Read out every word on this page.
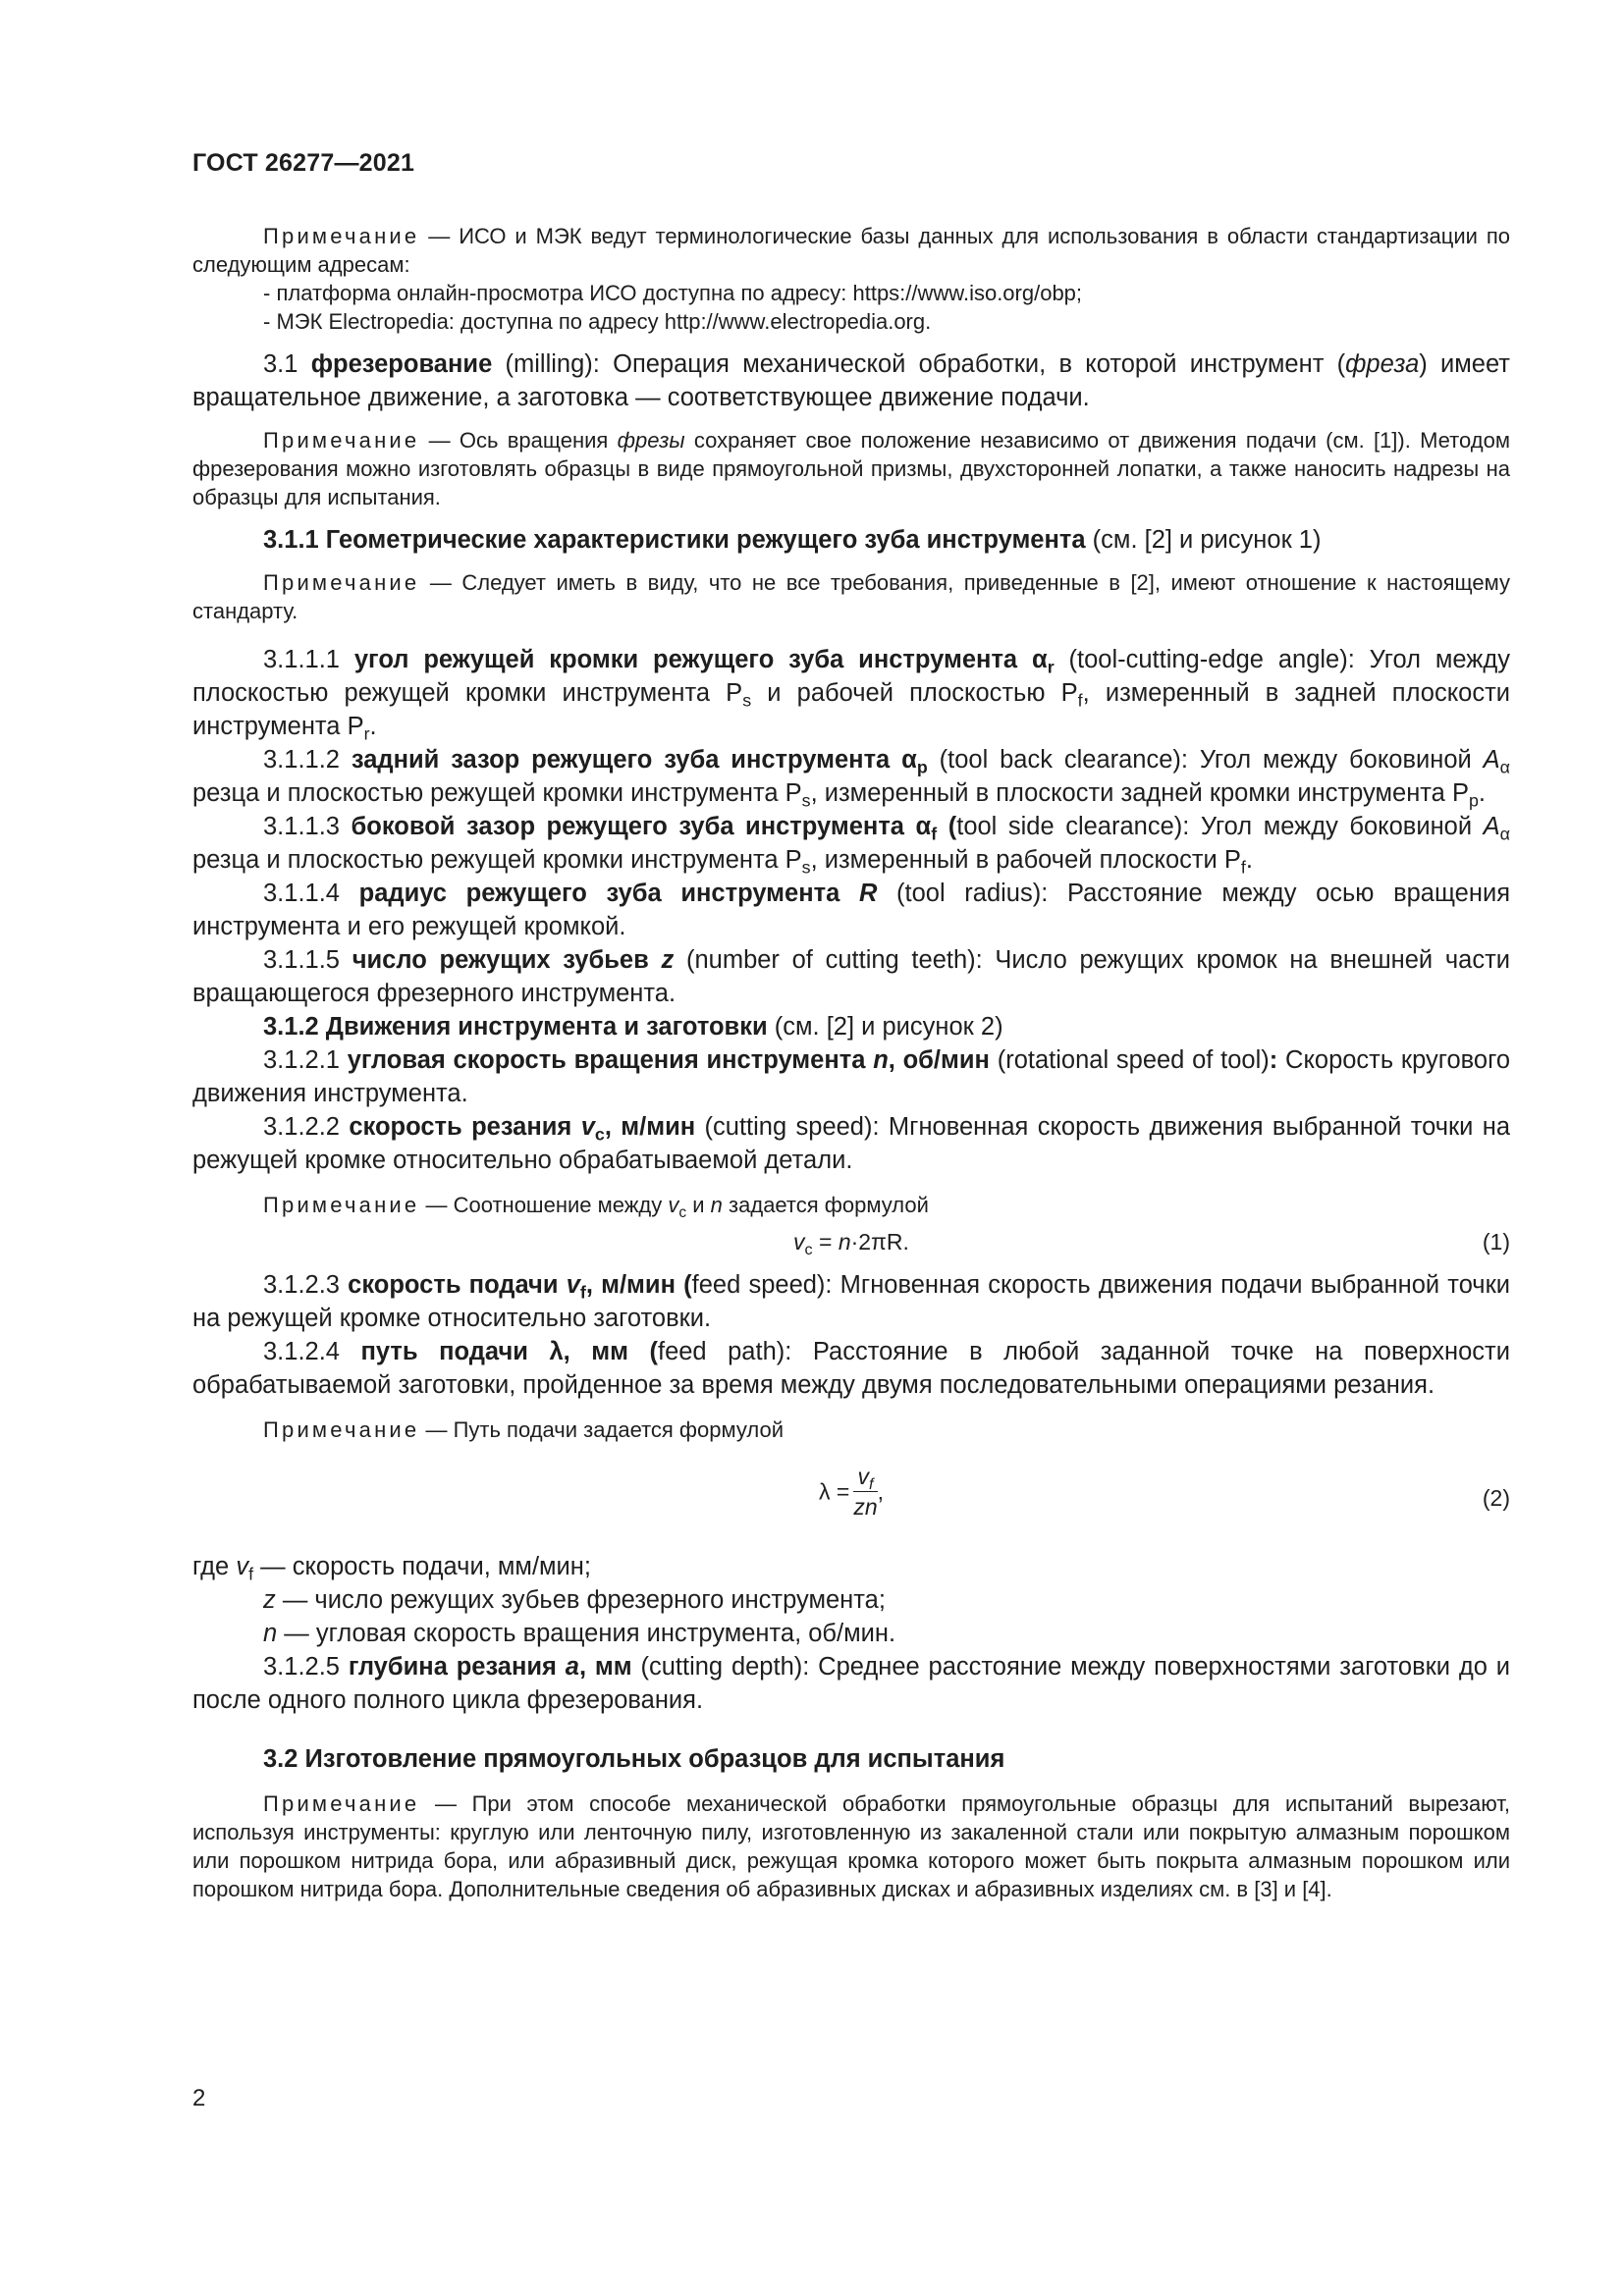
ГОСТ 26277—2021

Примечание — ИСО и МЭК ведут терминологические базы данных для использования в области стандартизации по следующим адресам:

- платформа онлайн-просмотра ИСО доступна по адресу: https://www.iso.org/obp;

- МЭК Electropedia: доступна по адресу http://www.electropedia.org.

3.1 фрезерование (milling): Операция механической обработки, в которой инструмент (фреза) имеет вращательное движение, а заготовка — соответствующее движение подачи.

Примечание — Ось вращения фрезы сохраняет свое положение независимо от движения подачи (см. [1]). Методом фрезерования можно изготовлять образцы в виде прямоугольной призмы, двухсторонней лопатки, а также наносить надрезы на образцы для испытания.

3.1.1 Геометрические характеристики режущего зуба инструмента (см. [2] и рисунок 1)

Примечание — Следует иметь в виду, что не все требования, приведенные в [2], имеют отношение к настоящему стандарту.

3.1.1.1 угол режущей кромки режущего зуба инструмента $\alpha_r$ (tool-cutting-edge angle): Угол между плоскостью режущей кромки инструмента $P_s$ и рабочей плоскостью $P_f$, измеренный в задней плоскости инструмента $P_r$.

3.1.1.2 задний зазор режущего зуба инструмента $\alpha_p$ (tool back clearance): Угол между боковиной $A_\alpha$ резца и плоскостью режущей кромки инструмента $P_s$, измеренный в плоскости задней кромки инструмента $P_p$.

3.1.1.3 боковой зазор режущего зуба инструмента $\alpha_f$ (tool side clearance): Угол между боковиной $A_\alpha$ резца и плоскостью режущей кромки инструмента $P_s$, измеренный в рабочей плоскости $P_f$.

3.1.1.4 радиус режущего зуба инструмента R (tool radius): Расстояние между осью вращения инструмента и его режущей кромкой.

3.1.1.5 число режущих зубьев z (number of cutting teeth): Число режущих кромок на внешней части вращающегося фрезерного инструмента.

3.1.2 Движения инструмента и заготовки (см. [2] и рисунок 2)

3.1.2.1 угловая скорость вращения инструмента n, об/мин (rotational speed of tool): Скорость кругового движения инструмента.

3.1.2.2 скорость резания $v_c$, м/мин (cutting speed): Мгновенная скорость движения выбранной точки на режущей кромке относительно обрабатываемой детали.

Примечание — Соотношение между $v_c$ и n задается формулой

$v_c = n\cdot 2\pi R$.	(1)

3.1.2.3 скорость подачи $v_f$, м/мин (feed speed): Мгновенная скорость движения подачи выбранной точки на режущей кромке относительно заготовки.

3.1.2.4 путь подачи λ, мм (feed path): Расстояние в любой заданной точке на поверхности обрабатываемой заготовки, пройденное за время между двумя последовательными операциями резания.

Примечание — Путь подачи задается формулой

$\lambda = \frac{v_f}{zn}$ ,	(2)

где $v_f$ — скорость подачи, мм/мин;

z — число режущих зубьев фрезерного инструмента;

n — угловая скорость вращения инструмента, об/мин.

3.1.2.5 глубина резания a, мм (cutting depth): Среднее расстояние между поверхностями заготовки до и после одного полного цикла фрезерования.

3.2 Изготовление прямоугольных образцов для испытания

Примечание — При этом способе механической обработки прямоугольные образцы для испытаний вырезают, используя инструменты: круглую или ленточную пилу, изготовленную из закаленной стали или покрытую алмазным порошком или порошком нитрида бора, или абразивный диск, режущая кромка которого может быть покрыта алмазным порошком или порошком нитрида бора. Дополнительные сведения об абразивных дисках и абразивных изделиях см. в [3] и [4].

2
